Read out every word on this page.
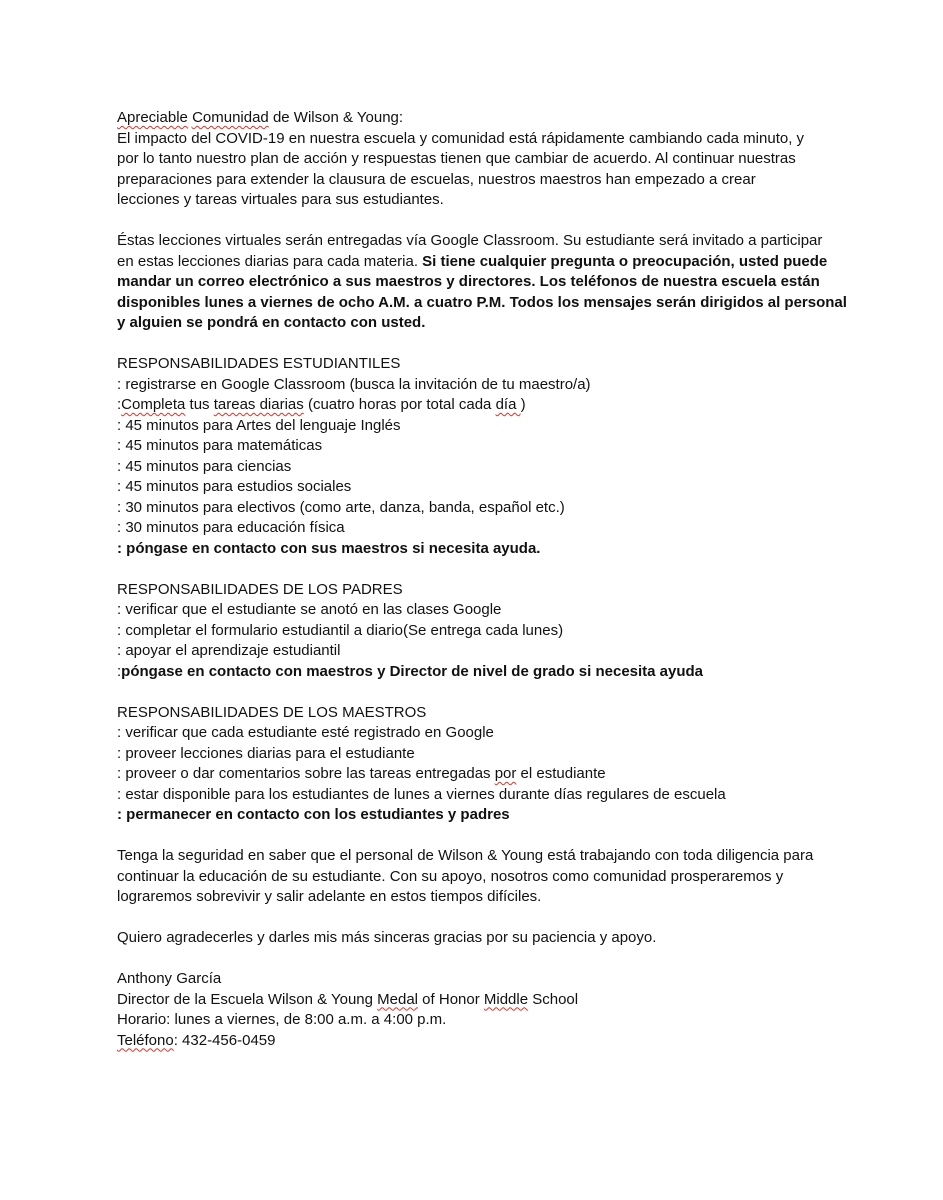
Apreciable Comunidad de Wilson & Young:
El impacto del COVID-19 en nuestra escuela y comunidad está rápidamente cambiando cada minuto, y
por lo tanto nuestro plan de acción y respuestas tienen que cambiar de acuerdo. Al continuar nuestras
preparaciones para extender la clausura de escuelas, nuestros maestros han empezado a crear
lecciones y tareas virtuales para sus estudiantes.
Éstas lecciones virtuales serán entregadas vía Google Classroom. Su estudiante será invitado a participar
en estas lecciones diarias para cada materia. Si tiene cualquier pregunta o preocupación, usted puede
mandar un correo electrónico a sus maestros y directores. Los teléfonos de nuestra escuela están
disponibles lunes a viernes de ocho A.M. a cuatro P.M. Todos los mensajes serán dirigidos al personal
y alguien se pondrá en contacto con usted.
RESPONSABILIDADES ESTUDIANTILES
: registrarse en Google Classroom (busca la invitación de tu maestro/a)
:Completa tus tareas diarias (cuatro horas por total cada día )
: 45 minutos para Artes del lenguaje Inglés
: 45 minutos para matemáticas
: 45 minutos para ciencias
: 45 minutos para estudios sociales
: 30 minutos para electivos (como arte, danza, banda, español etc.)
: 30 minutos para educación física
: póngase en contacto con sus maestros si necesita ayuda.
RESPONSABILIDADES DE LOS PADRES
: verificar que el estudiante se anotó en las clases Google
: completar el formulario estudiantil a diario(Se entrega cada lunes)
: apoyar el aprendizaje estudiantil
:póngase en contacto con maestros y Director de nivel de grado si necesita ayuda
RESPONSABILIDADES DE LOS MAESTROS
: verificar que cada estudiante esté registrado en Google
: proveer lecciones diarias para el estudiante
: proveer o dar comentarios sobre las tareas entregadas por el estudiante
: estar disponible para los estudiantes de lunes a viernes durante días regulares de escuela
: permanecer en contacto con los estudiantes y padres
Tenga la seguridad en saber que el personal de Wilson & Young está trabajando con toda diligencia para
continuar la educación de su estudiante. Con su apoyo, nosotros como comunidad prosperaremos y
lograremos sobrevivir y salir adelante en estos tiempos difíciles.
Quiero agradecerles y darles mis más sinceras gracias por su paciencia y apoyo.
Anthony García
Director de la Escuela Wilson & Young Medal of Honor Middle School
Horario: lunes a viernes, de 8:00 a.m. a 4:00 p.m.
Teléfono: 432-456-0459
